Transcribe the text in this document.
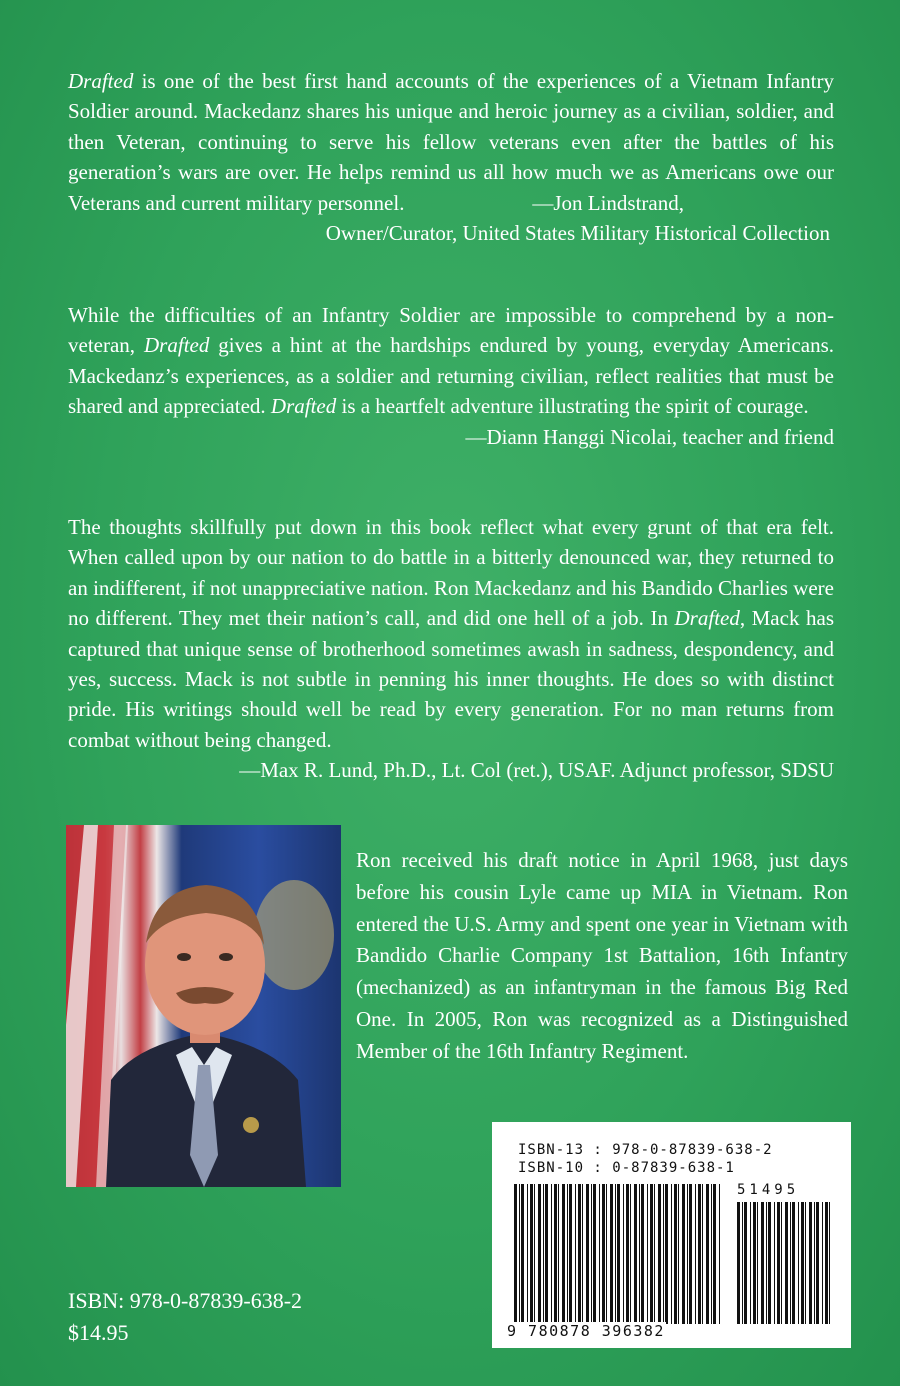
Drafted is one of the best first hand accounts of the experiences of a Vietnam Infantry Soldier around. Mackedanz shares his unique and heroic journey as a civilian, soldier, and then Veteran, continuing to serve his fellow veterans even after the battles of his generation’s wars are over. He helps remind us all how much we as Americans owe our Veterans and current military personnel.	—Jon Lindstrand,

Owner/Curator, United States Military Historical Collection

While the difficulties of an Infantry Soldier are impossible to comprehend by a non-veteran, Drafted gives a hint at the hardships endured by young, everyday Americans. Mackedanz’s experiences, as a soldier and returning civilian, reflect realities that must be shared and appreciated. Drafted is a heartfelt adventure illustrating the spirit of courage.

—Diann Hanggi Nicolai, teacher and friend

The thoughts skillfully put down in this book reflect what every grunt of that era felt. When called upon by our nation to do battle in a bitterly denounced war, they returned to an indifferent, if not unappreciative nation. Ron Mackedanz and his Bandido Charlies were no different. They met their nation’s call, and did one hell of a job. In Drafted, Mack has captured that unique sense of brotherhood sometimes awash in sadness, despondency, and yes, success. Mack is not subtle in penning his inner thoughts. He does so with distinct pride. His writings should well be read by every generation. For no man returns from combat without being changed.

—Max R. Lund, Ph.D., Lt. Col (ret.), USAF. Adjunct professor, SDSU

Ron received his draft notice in April 1968, just days before his cousin Lyle came up MIA in Vietnam. Ron entered the U.S. Army and spent one year in Vietnam with Bandido Charlie Company 1st Battalion, 16th Infantry (mechanized) as an infantryman in the famous Big Red One. In 2005, Ron was recognized as a Distinguished Member of the 16th Infantry Regiment.
ISBN-13 : 978-0-87839-638-2
ISBN-10 : 0-87839-638-1
51495
9 780878 396382
ISBN: 978-0-87839-638-2
$14.95
